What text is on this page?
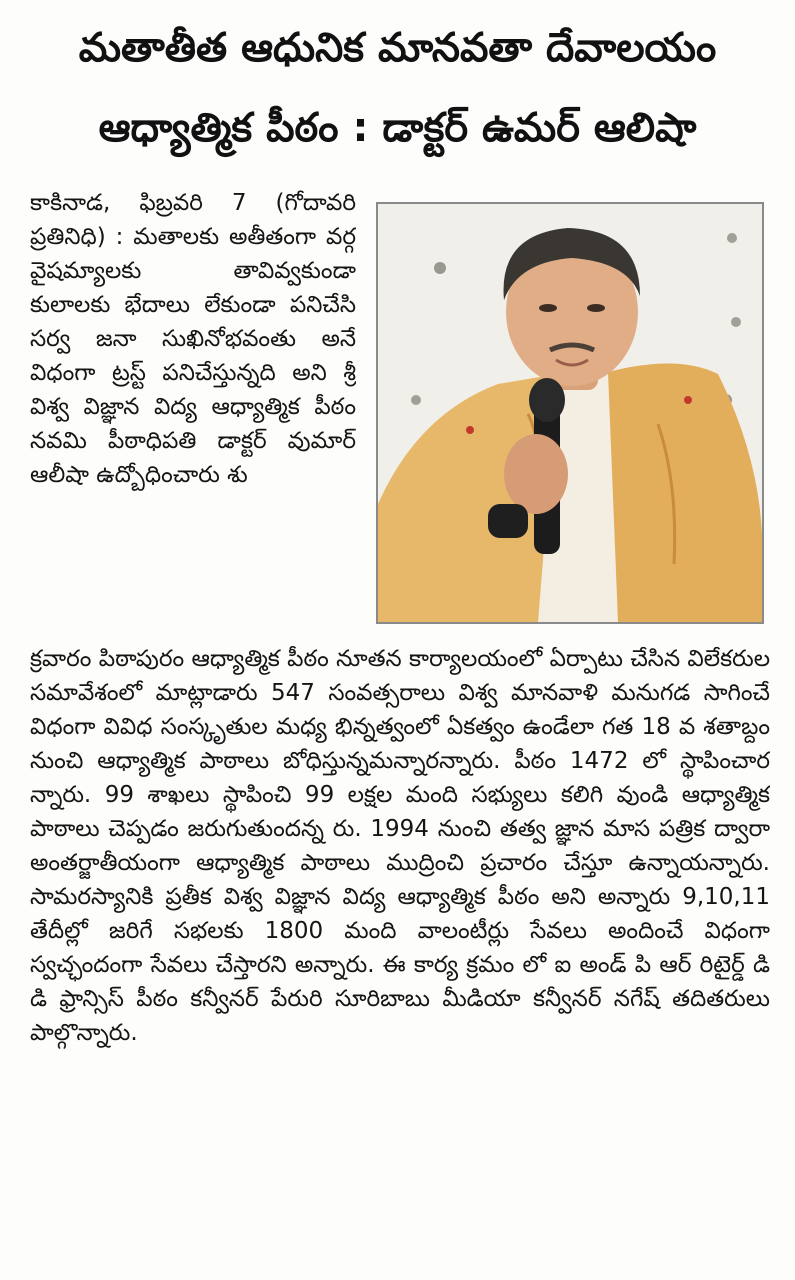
మతాతీత ఆధునిక మానవతా దేవాలయం
ఆధ్యాత్మిక పీఠం : డాక్టర్ ఉమర్ ఆలిషా
కాకినాడ, ఫిబ్రవరి 7 (గోదావరి ప్రతినిధి) : మతాలకు అతీతంగా వర్గ వైషమ్యాలకు తావివ్వకుండా కులాలకు భేదాలు లేకుండా పనిచేసి సర్వ జనా సుఖినోభవంతు అనే విధంగా ట్రస్ట్ పనిచేస్తున్నది అని శ్రీ విశ్వ విజ్ఞాన విద్య ఆధ్యాత్మిక పీఠం నవమి పీఠాధిపతి డాక్టర్ వుమార్ ఆలీషా ఉద్బోధించారు శు
క్రవారం పిఠాపురం ఆధ్యాత్మిక పీఠం నూతన కార్యాలయంలో ఏర్పాటు చేసిన విలేకరుల సమావేశంలో మాట్లాడారు 547 సంవత్సరాలు విశ్వ మానవాళి మనుగడ సాగించే విధంగా వివిధ సంస్కృతుల మధ్య భిన్నత్వంలో ఏకత్వం ఉండేలా గత 18 వ శతాబ్దం నుంచి ఆధ్యాత్మిక పాఠాలు బోధిస్తున్నమన్నారన్నారు. పీఠం 1472 లో స్థాపించార న్నారు. 99 శాఖలు స్థాపించి 99 లక్షల మంది సభ్యులు కలిగి వుండి ఆధ్యాత్మిక పాఠాలు చెప్పడం జరుగుతుందన్న రు. 1994 నుంచి తత్వ జ్ఞాన మాస పత్రిక ద్వారా అంతర్జాతీయంగా ఆధ్యాత్మిక పాఠాలు ముద్రించి ప్రచారం చేస్తూ ఉన్నాయన్నారు. సామరస్యానికి ప్రతీక విశ్వ విజ్ఞాన విద్య ఆధ్యాత్మిక పీఠం అని అన్నారు 9,10,11 తేదీల్లో జరిగే సభలకు 1800 మంది వాలంటీర్లు సేవలు అందించే విధంగా స్వచ్ఛందంగా సేవలు చేస్తారని అన్నారు. ఈ కార్య క్రమం లో ఐ అండ్ పి ఆర్ రిటైర్డ్ డి డి ఫ్రాన్సిస్ పీఠం కన్వీనర్ పేరురి సూరిబాబు మీడియా కన్వీనర్ నగేష్ తదితరులు పాల్గొన్నారు.
